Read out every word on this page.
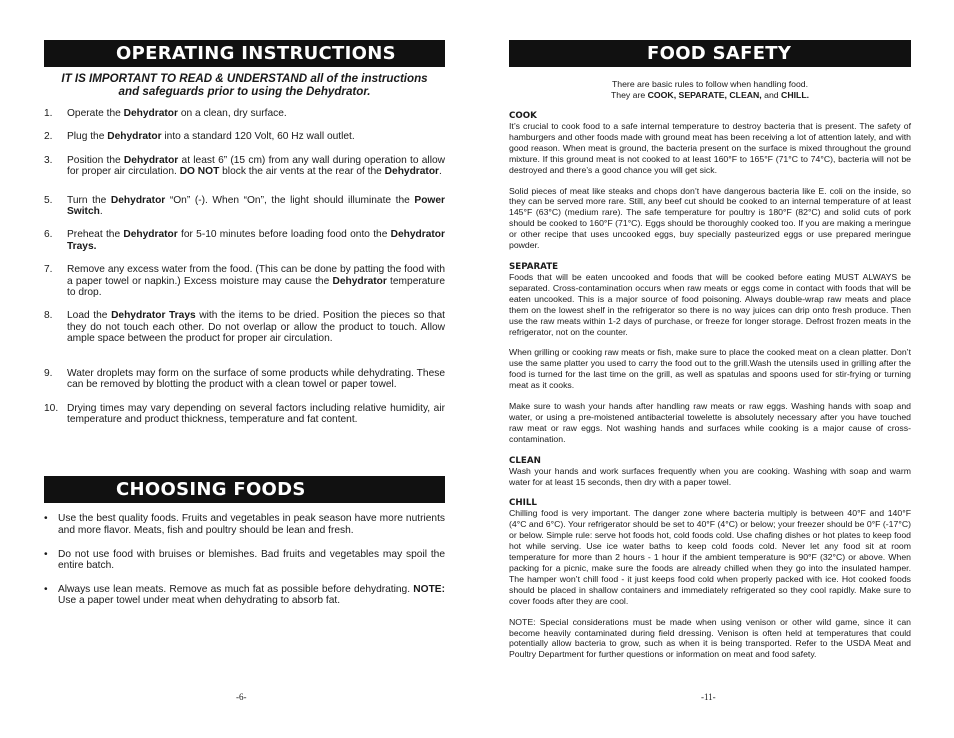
OPERATING INSTRUCTIONS
IT IS IMPORTANT TO READ & UNDERSTAND all of the instructions
and safeguards prior to using the Dehydrator.
1. Operate the Dehydrator on a clean, dry surface.
2. Plug the Dehydrator into a standard 120 Volt, 60 Hz wall outlet.
3. Position the Dehydrator at least 6” (15 cm) from any wall during operation to allow for proper air circulation. DO NOT block the air vents at the rear of the Dehydrator.
5. Turn the Dehydrator “On” (-). When “On”, the light should illuminate the Power Switch.
6. Preheat the Dehydrator for 5-10 minutes before loading food onto the Dehydrator Trays.
7. Remove any excess water from the food. (This can be done by patting the food with a paper towel or napkin.) Excess moisture may cause the Dehydrator temperature to drop.
8. Load the Dehydrator Trays with the items to be dried. Position the pieces so that they do not touch each other. Do not overlap or allow the product to touch. Allow ample space between the product for proper air circulation.
9. Water droplets may form on the surface of some products while dehydrating. These can be removed by blotting the product with a clean towel or paper towel.
10. Drying times may vary depending on several factors including relative humidity, air temperature and product thickness, temperature and fat content.
CHOOSING FOODS
• Use the best quality foods. Fruits and vegetables in peak season have more nutrients and more flavor. Meats, fish and poultry should be lean and fresh.
• Do not use food with bruises or blemishes. Bad fruits and vegetables may spoil the entire batch.
• Always use lean meats. Remove as much fat as possible before dehydrating. NOTE: Use a paper towel under meat when dehydrating to absorb fat.
-6-
FOOD SAFETY
There are basic rules to follow when handling food.
They are COOK, SEPARATE, CLEAN, and CHILL.
COOK
It’s crucial to cook food to a safe internal temperature to destroy bacteria that is present. The safety of hamburgers and other foods made with ground meat has been receiving a lot of attention lately, and with good reason. When meat is ground, the bacteria present on the surface is mixed throughout the ground mixture. If this ground meat is not cooked to at least 160°F to 165°F (71°C to 74°C), bacteria will not be destroyed and there’s a good chance you will get sick.
Solid pieces of meat like steaks and chops don’t have dangerous bacteria like E. coli on the inside, so they can be served more rare. Still, any beef cut should be cooked to an internal temperature of at least 145°F (63°C) (medium rare). The safe temperature for poultry is 180°F (82°C) and solid cuts of pork should be cooked to 160°F (71°C). Eggs should be thoroughly cooked too. If you are making a meringue or other recipe that uses uncooked eggs, buy specially pasteurized eggs or use prepared meringue powder.
SEPARATE
Foods that will be eaten uncooked and foods that will be cooked before eating MUST ALWAYS be separated. Cross-contamination occurs when raw meats or eggs come in contact with foods that will be eaten uncooked. This is a major source of food poisoning. Always double-wrap raw meats and place them on the lowest shelf in the refrigerator so there is no way juices can drip onto fresh produce. Then use the raw meats within 1-2 days of purchase, or freeze for longer storage. Defrost frozen meats in the refrigerator, not on the counter.
When grilling or cooking raw meats or fish, make sure to place the cooked meat on a clean platter. Don’t use the same platter you used to carry the food out to the grill.Wash the utensils used in grilling after the food is turned for the last time on the grill, as well as spatulas and spoons used for stir-frying or turning meat as it cooks.
Make sure to wash your hands after handling raw meats or raw eggs. Washing hands with soap and water, or using a pre-moistened antibacterial towelette is absolutely necessary after you have touched raw meat or raw eggs. Not washing hands and surfaces while cooking is a major cause of cross-contamination.
CLEAN
Wash your hands and work surfaces frequently when you are cooking. Washing with soap and warm water for at least 15 seconds, then dry with a paper towel.
CHILL
Chilling food is very important. The danger zone where bacteria multiply is between 40°F and 140°F (4°C and 6°C). Your refrigerator should be set to 40°F (4°C) or below; your freezer should be 0°F (-17°C) or below. Simple rule: serve hot foods hot, cold foods cold. Use chafing dishes or hot plates to keep food hot while serving. Use ice water baths to keep cold foods cold. Never let any food sit at room temperature for more than 2 hours - 1 hour if the ambient temperature is 90°F (32°C) or above. When packing for a picnic, make sure the foods are already chilled when they go into the insulated hamper. The hamper won’t chill food - it just keeps food cold when properly packed with ice. Hot cooked foods should be placed in shallow containers and immediately refrigerated so they cool rapidly. Make sure to cover foods after they are cool.
NOTE: Special considerations must be made when using venison or other wild game, since it can become heavily contaminated during field dressing. Venison is often held at temperatures that could potentially allow bacteria to grow, such as when it is being transported. Refer to the USDA Meat and Poultry Department for further questions or information on meat and food safety.
-11-
